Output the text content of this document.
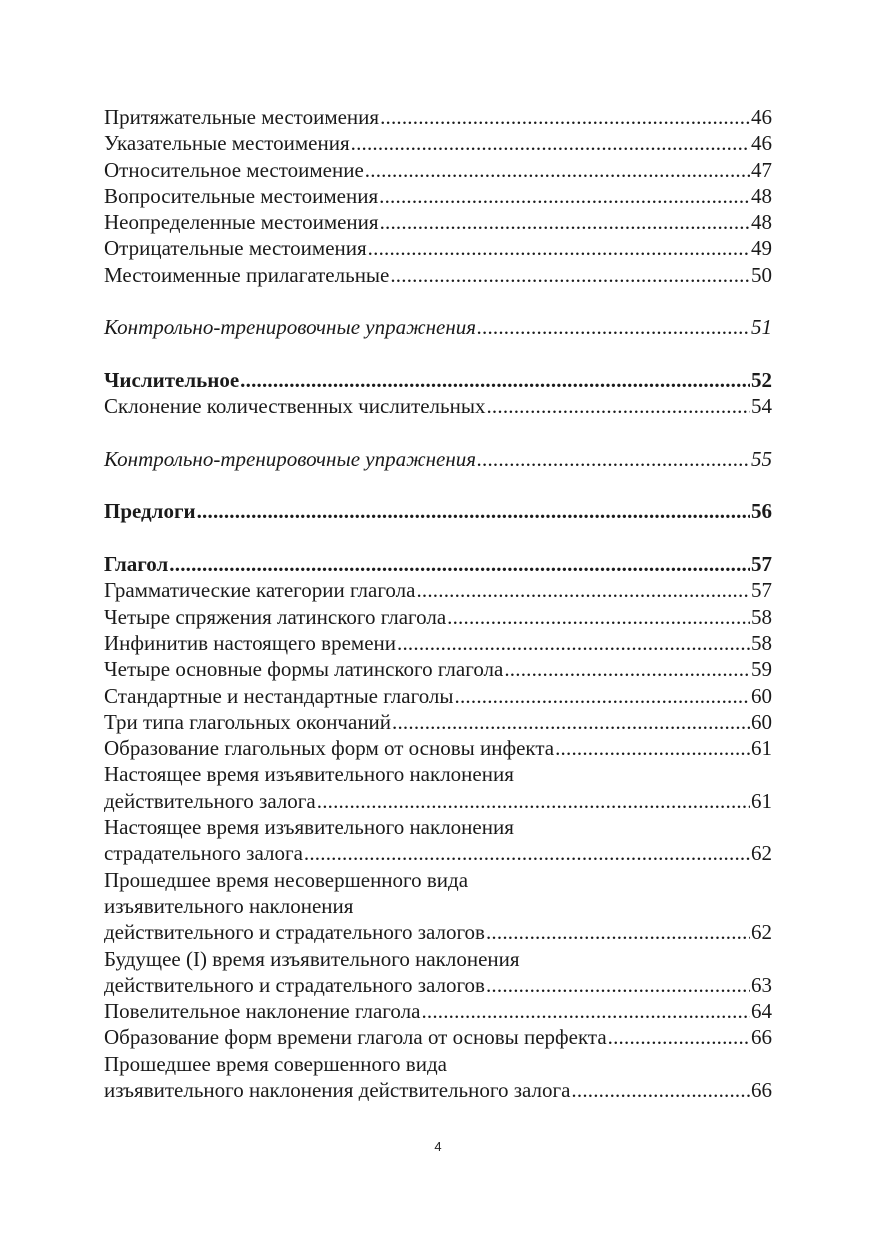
Притяжательные местоимения .....	46
Указательные местоимения .....	46
Относительное местоимение .....	47
Вопросительные местоимения .....	48
Неопределенные местоимения .....	48
Отрицательные местоимения .....	49
Местоименные прилагательные .....	50
Контрольно-тренировочные упражнения .....	51
Числительное .....	52
Склонение количественных числительных .....	54
Контрольно-тренировочные упражнения .....	55
Предлоги .....	56
Глагол .....	57
Грамматические категории глагола .....	57
Четыре спряжения латинского глагола .....	58
Инфинитив настоящего времени .....	58
Четыре основные формы латинского глагола .....	59
Стандартные и нестандартные глаголы .....	60
Три типа глагольных окончаний .....	60
Образование глагольных форм от основы инфекта .....	61
Настоящее время изъявительного наклонения
действительного залога .....	61
Настоящее время изъявительного наклонения
страдательного залога .....	62
Прошедшее время несовершенного вида
изъявительного наклонения
действительного и страдательного залогов .....	62
Будущее (I) время изъявительного наклонения
действительного и страдательного залогов .....	63
Повелительное наклонение глагола .....	64
Образование форм времени глагола от основы перфекта .....	66
Прошедшее время совершенного вида
изъявительного наклонения действительного залога .....	66
4
